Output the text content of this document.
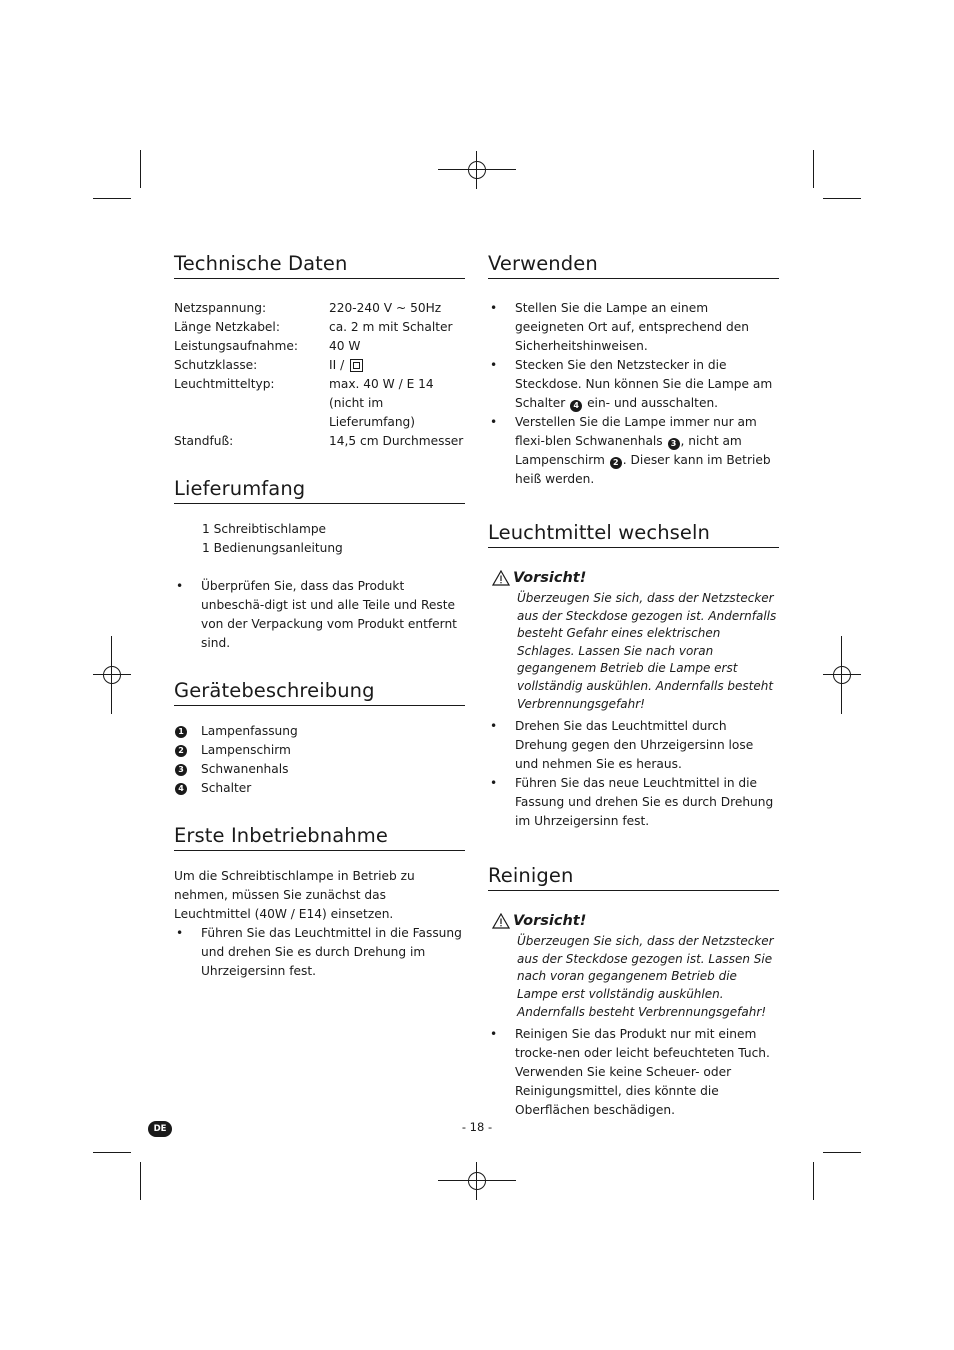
Technische Daten
Netzspannung:	220-240 V ~ 50Hz
Länge Netzkabel:	ca. 2 m mit Schalter
Leistungsaufnahme:	40 W
Schutzklasse:	II /
Leuchtmitteltyp:	max. 40 W / E 14
(nicht im Lieferumfang)
Standfuß:	14,5 cm Durchmesser
Lieferumfang
1 Schreibtischlampe
1 Bedienungsanleitung
• Überprüfen Sie, dass das Produkt unbeschä-digt ist und alle Teile und Reste von der Verpackung vom Produkt entfernt sind.
Gerätebeschreibung
1 Lampenfassung
2 Lampenschirm
3 Schwanenhals
4 Schalter
Erste Inbetriebnahme
Um die Schreibtischlampe in Betrieb zu nehmen, müssen Sie zunächst das Leuchtmittel (40W / E14) einsetzen.
• Führen Sie das Leuchtmittel in die Fassung und drehen Sie es durch Drehung im Uhrzeigersinn fest.
Verwenden
• Stellen Sie die Lampe an einem geeigneten Ort auf, entsprechend den Sicherheitshinweisen.
• Stecken Sie den Netzstecker in die Steckdose. Nun können Sie die Lampe am Schalter 4 ein- und ausschalten.
• Verstellen Sie die Lampe immer nur am flexi-blen Schwanenhals 3 , nicht am Lampenschirm 2 . Dieser kann im Betrieb heiß werden.
Leuchtmittel wechseln
Vorsicht!
Überzeugen Sie sich, dass der Netzstecker aus der Steckdose gezogen ist. Andernfalls besteht Gefahr eines elektrischen Schlages. Lassen Sie nach voran gegangenem Betrieb die Lampe erst vollständig auskühlen. Andernfalls besteht Verbrennungsgefahr!
• Drehen Sie das Leuchtmittel durch Drehung gegen den Uhrzeigersinn lose und nehmen Sie es heraus.
• Führen Sie das neue Leuchtmittel in die Fassung und drehen Sie es durch Drehung im Uhrzeigersinn fest.
Reinigen
Vorsicht!
Überzeugen Sie sich, dass der Netzstecker aus der Steckdose gezogen ist. Lassen Sie nach voran gegangenem Betrieb die Lampe erst vollständig auskühlen. Andernfalls besteht Verbrennungsgefahr!
• Reinigen Sie das Produkt nur mit einem trocke-nen oder leicht befeuchteten Tuch. Verwenden Sie keine Scheuer- oder Reinigungsmittel, dies könnte die Oberflächen beschädigen.
DE	- 18 -
